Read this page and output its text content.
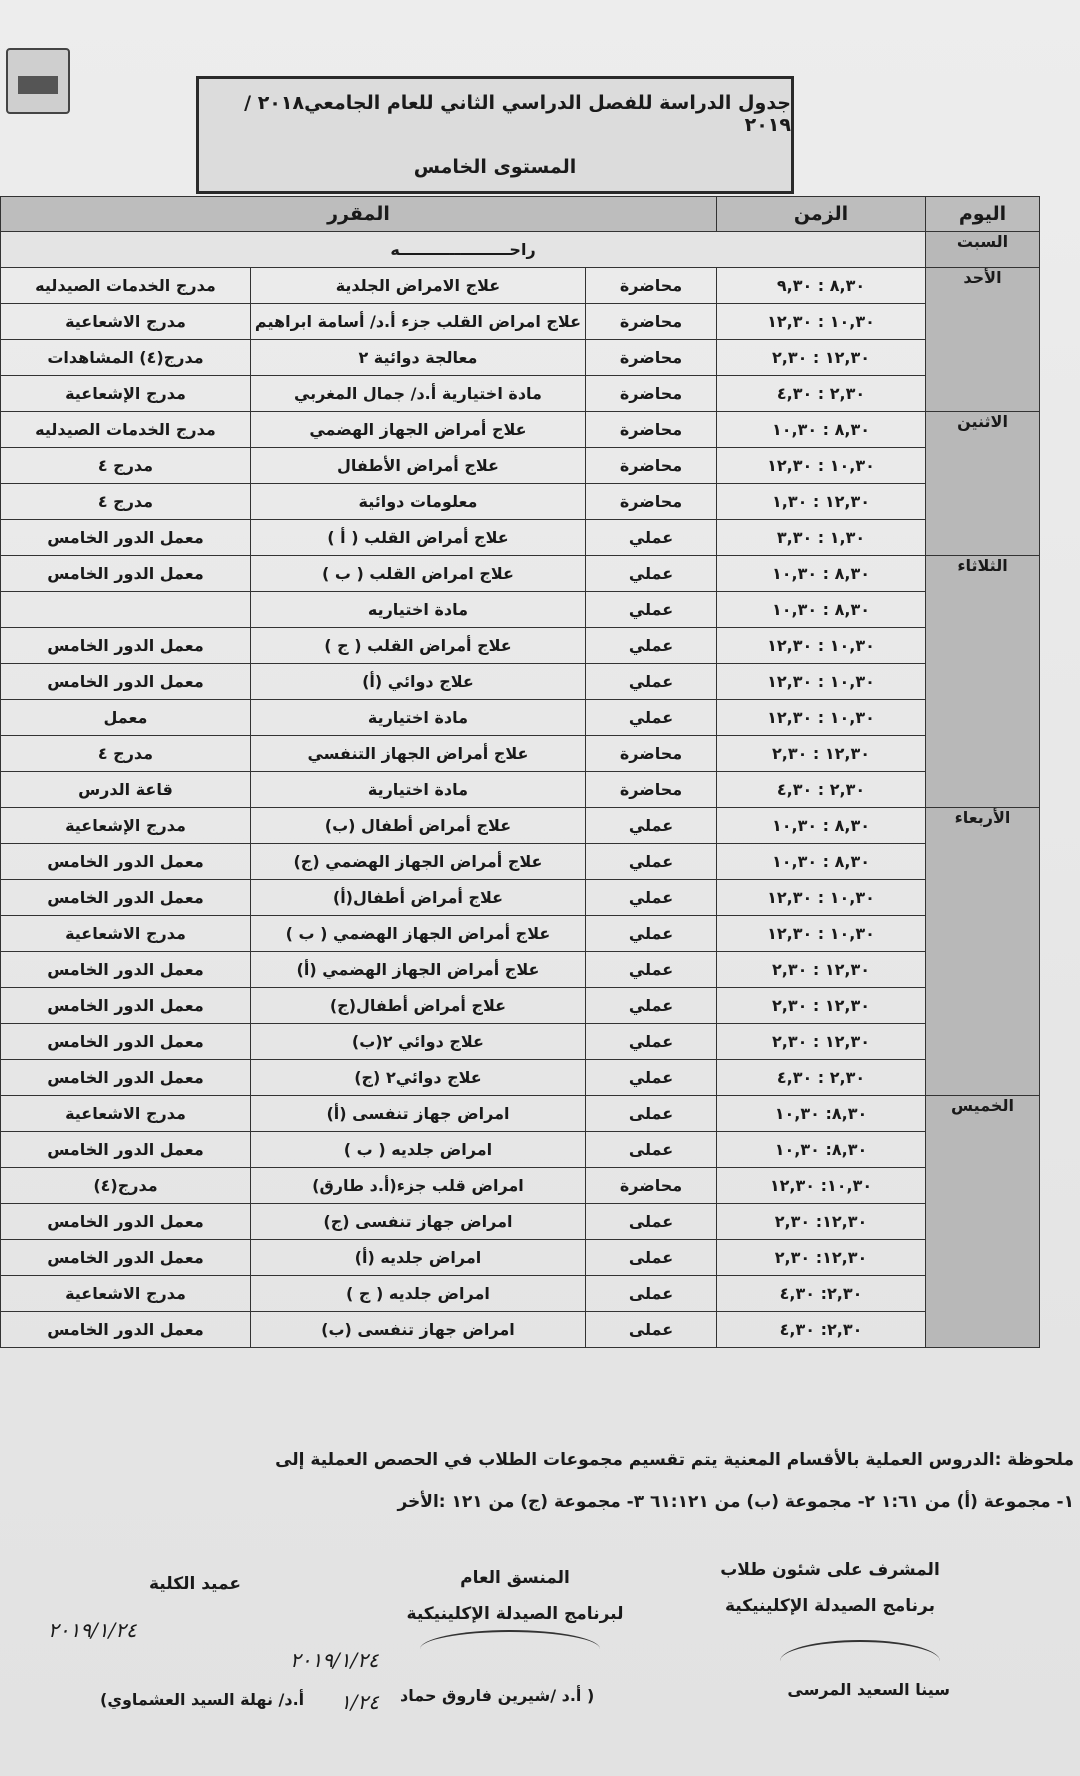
جدول الدراسة للفصل الدراسي الثاني للعام الجامعي٢٠١٨ /٢٠١٩
المستوى الخامس
اليوم	الزمن	المقرر		
السبت	راحــــــــــــــــــــه			
الأحد	٨,٣٠ : ٩,٣٠	محاضرة	علاج الامراض الجلدية	مدرج الخدمات الصيدليه
	١٠,٣٠ : ١٢,٣٠	محاضرة	علاج امراض القلب جزء أ.د/ أسامة ابراهيم	مدرج الاشعاعية
	١٢,٣٠ : ٢,٣٠	محاضرة	معالجة دوائية ٢	مدرج(٤) المشاهدات
	٢,٣٠ : ٤,٣٠	محاضرة	مادة اختيارية أ.د/ جمال المغربي	مدرج الإشعاعية
الاثنين	٨,٣٠ : ١٠,٣٠	محاضرة	علاج أمراض الجهاز الهضمي	مدرج الخدمات الصيدليه
	١٠,٣٠ : ١٢,٣٠	محاضرة	علاج أمراض الأطفال	مدرج ٤
	١٢,٣٠ : ١,٣٠	محاضرة	معلومات دوائية	مدرج ٤
	١,٣٠ : ٣,٣٠	عملي	علاج أمراض القلب ( أ )	معمل الدور الخامس
الثلاثاء	٨,٣٠ : ١٠,٣٠	عملي	علاج امراض القلب ( ب )	معمل الدور الخامس
	٨,٣٠ : ١٠,٣٠	عملي	مادة اختياريه	
	١٠,٣٠ : ١٢,٣٠	عملي	علاج أمراض القلب ( ج )	معمل الدور الخامس
	١٠,٣٠ : ١٢,٣٠	عملي	علاج دوائي (أ)	معمل الدور الخامس
	١٠,٣٠ : ١٢,٣٠	عملي	مادة اختيارية	معمل
	١٢,٣٠ : ٢,٣٠	محاضرة	علاج أمراض الجهاز التنفسي	مدرج ٤
	٢,٣٠ : ٤,٣٠	محاضرة	مادة اختيارية	قاعة الدرس
الأربعاء	٨,٣٠ : ١٠,٣٠	عملي	علاج أمراض أطفال (ب)	مدرج الإشعاعية
	٨,٣٠ : ١٠,٣٠	عملي	علاج أمراض الجهاز الهضمي (ج)	معمل الدور الخامس
	١٠,٣٠ : ١٢,٣٠	عملي	علاج أمراض أطفال(أ)	معمل الدور الخامس
	١٠,٣٠ : ١٢,٣٠	عملي	علاج أمراض الجهاز الهضمي ( ب )	مدرج الاشعاعية
	١٢,٣٠ : ٢,٣٠	عملي	علاج أمراض الجهاز الهضمي (أ)	معمل الدور الخامس
	١٢,٣٠ : ٢,٣٠	عملي	علاج أمراض أطفال(ج)	معمل الدور الخامس
	١٢,٣٠ : ٢,٣٠	عملي	علاج دوائي ٢(ب)	معمل الدور الخامس
	٢,٣٠ : ٤,٣٠	عملي	علاج دوائي٢ (ج)	معمل الدور الخامس
الخميس	٨,٣٠: ١٠,٣٠	عملى	امراض جهاز تنفسى (أ)	مدرج الاشعاعية
	٨,٣٠: ١٠,٣٠	عملى	امراض جلديه ( ب )	معمل الدور الخامس
	١٠,٣٠: ١٢,٣٠	محاضرة	امراض قلب جزء(أ.د طارق)	مدرج(٤)
	١٢,٣٠: ٢,٣٠	عملى	امراض جهاز تنفسى (ج)	معمل الدور الخامس
	١٢,٣٠: ٢,٣٠	عملى	امراض جلديه (أ)	معمل الدور الخامس
	٢,٣٠: ٤,٣٠	عملى	امراض جلديه ( ج )	مدرج الاشعاعية
	٢,٣٠: ٤,٣٠	عملى	امراض جهاز تنفسى (ب)	معمل الدور الخامس
ملحوظة :الدروس العملية بالأقسام المعنية يتم تقسيم مجموعات الطلاب في الحصص العملية إلى
١- مجموعة (أ) من ١:٦١ ٢- مجموعة (ب) من ٦١:١٢١ ٣- مجموعة (ج) من ١٢١ :الأخر
المشرف على شئون طلاب
برنامج الصيدلة الإكلينيكية
سينا السعيد المرسى
المنسق العام
لبرنامج الصيدلة الإكلينيكية
( أ.د /شيرين فاروق حماد
٢٠١٩/١/٢٤
١/٢٤
عميد الكلية
٢٠١٩/١/٢٤
أ.د/ نهلة السيد العشماوي)
